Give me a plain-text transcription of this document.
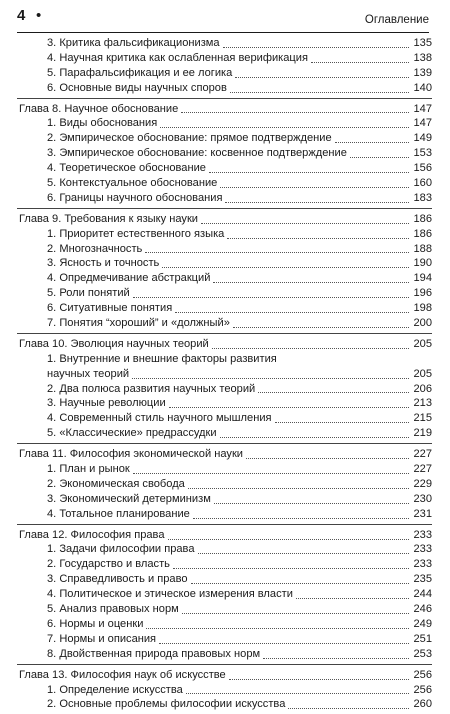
4 •	Оглавление
3. Критика фальсификационизма	135
4. Научная критика как ослабленная верификация	138
5. Парафальсификация и ее логика	139
6. Основные виды научных споров	140
Глава 8. Научное обоснование	147
1. Виды обоснования	147
2. Эмпирическое обоснование: прямое подтверждение	149
3. Эмпирическое обоснование: косвенное подтверждение	153
4. Теоретическое обоснование	156
5. Контекстуальное обоснование	160
6. Границы научного обоснования	183
Глава 9. Требования к языку науки	186
1. Приоритет естественного языка	186
2. Многозначность	188
3. Ясность и точность	190
4. Опредмечивание абстракций	194
5. Роли понятий	196
6. Ситуативные понятия	198
7. Понятия “хороший” и «должный»	200
Глава 10. Эволюция научных теорий	205
1. Внутренние и внешние факторы развития
научных теорий	205
2. Два полюса развития научных теорий	206
3. Научные революции	213
4. Современный стиль научного мышления	215
5. «Классические» предрассудки	219
Глава 11. Философия экономической науки	227
1. План и рынок	227
2. Экономическая свобода	229
3. Экономический детерминизм	230
4. Тотальное планирование	231
Глава 12. Философия права	233
1. Задачи философии права	233
2. Государство и власть	233
3. Справедливость и право	235
4. Политическое и этическое измерения власти	244
5. Анализ правовых норм	246
6. Нормы и оценки	249
7. Нормы и описания	251
8. Двойственная природа правовых норм	253
Глава 13. Философия наук об искусстве	256
1. Определение искусства	256
2. Основные проблемы философии искусства	260
